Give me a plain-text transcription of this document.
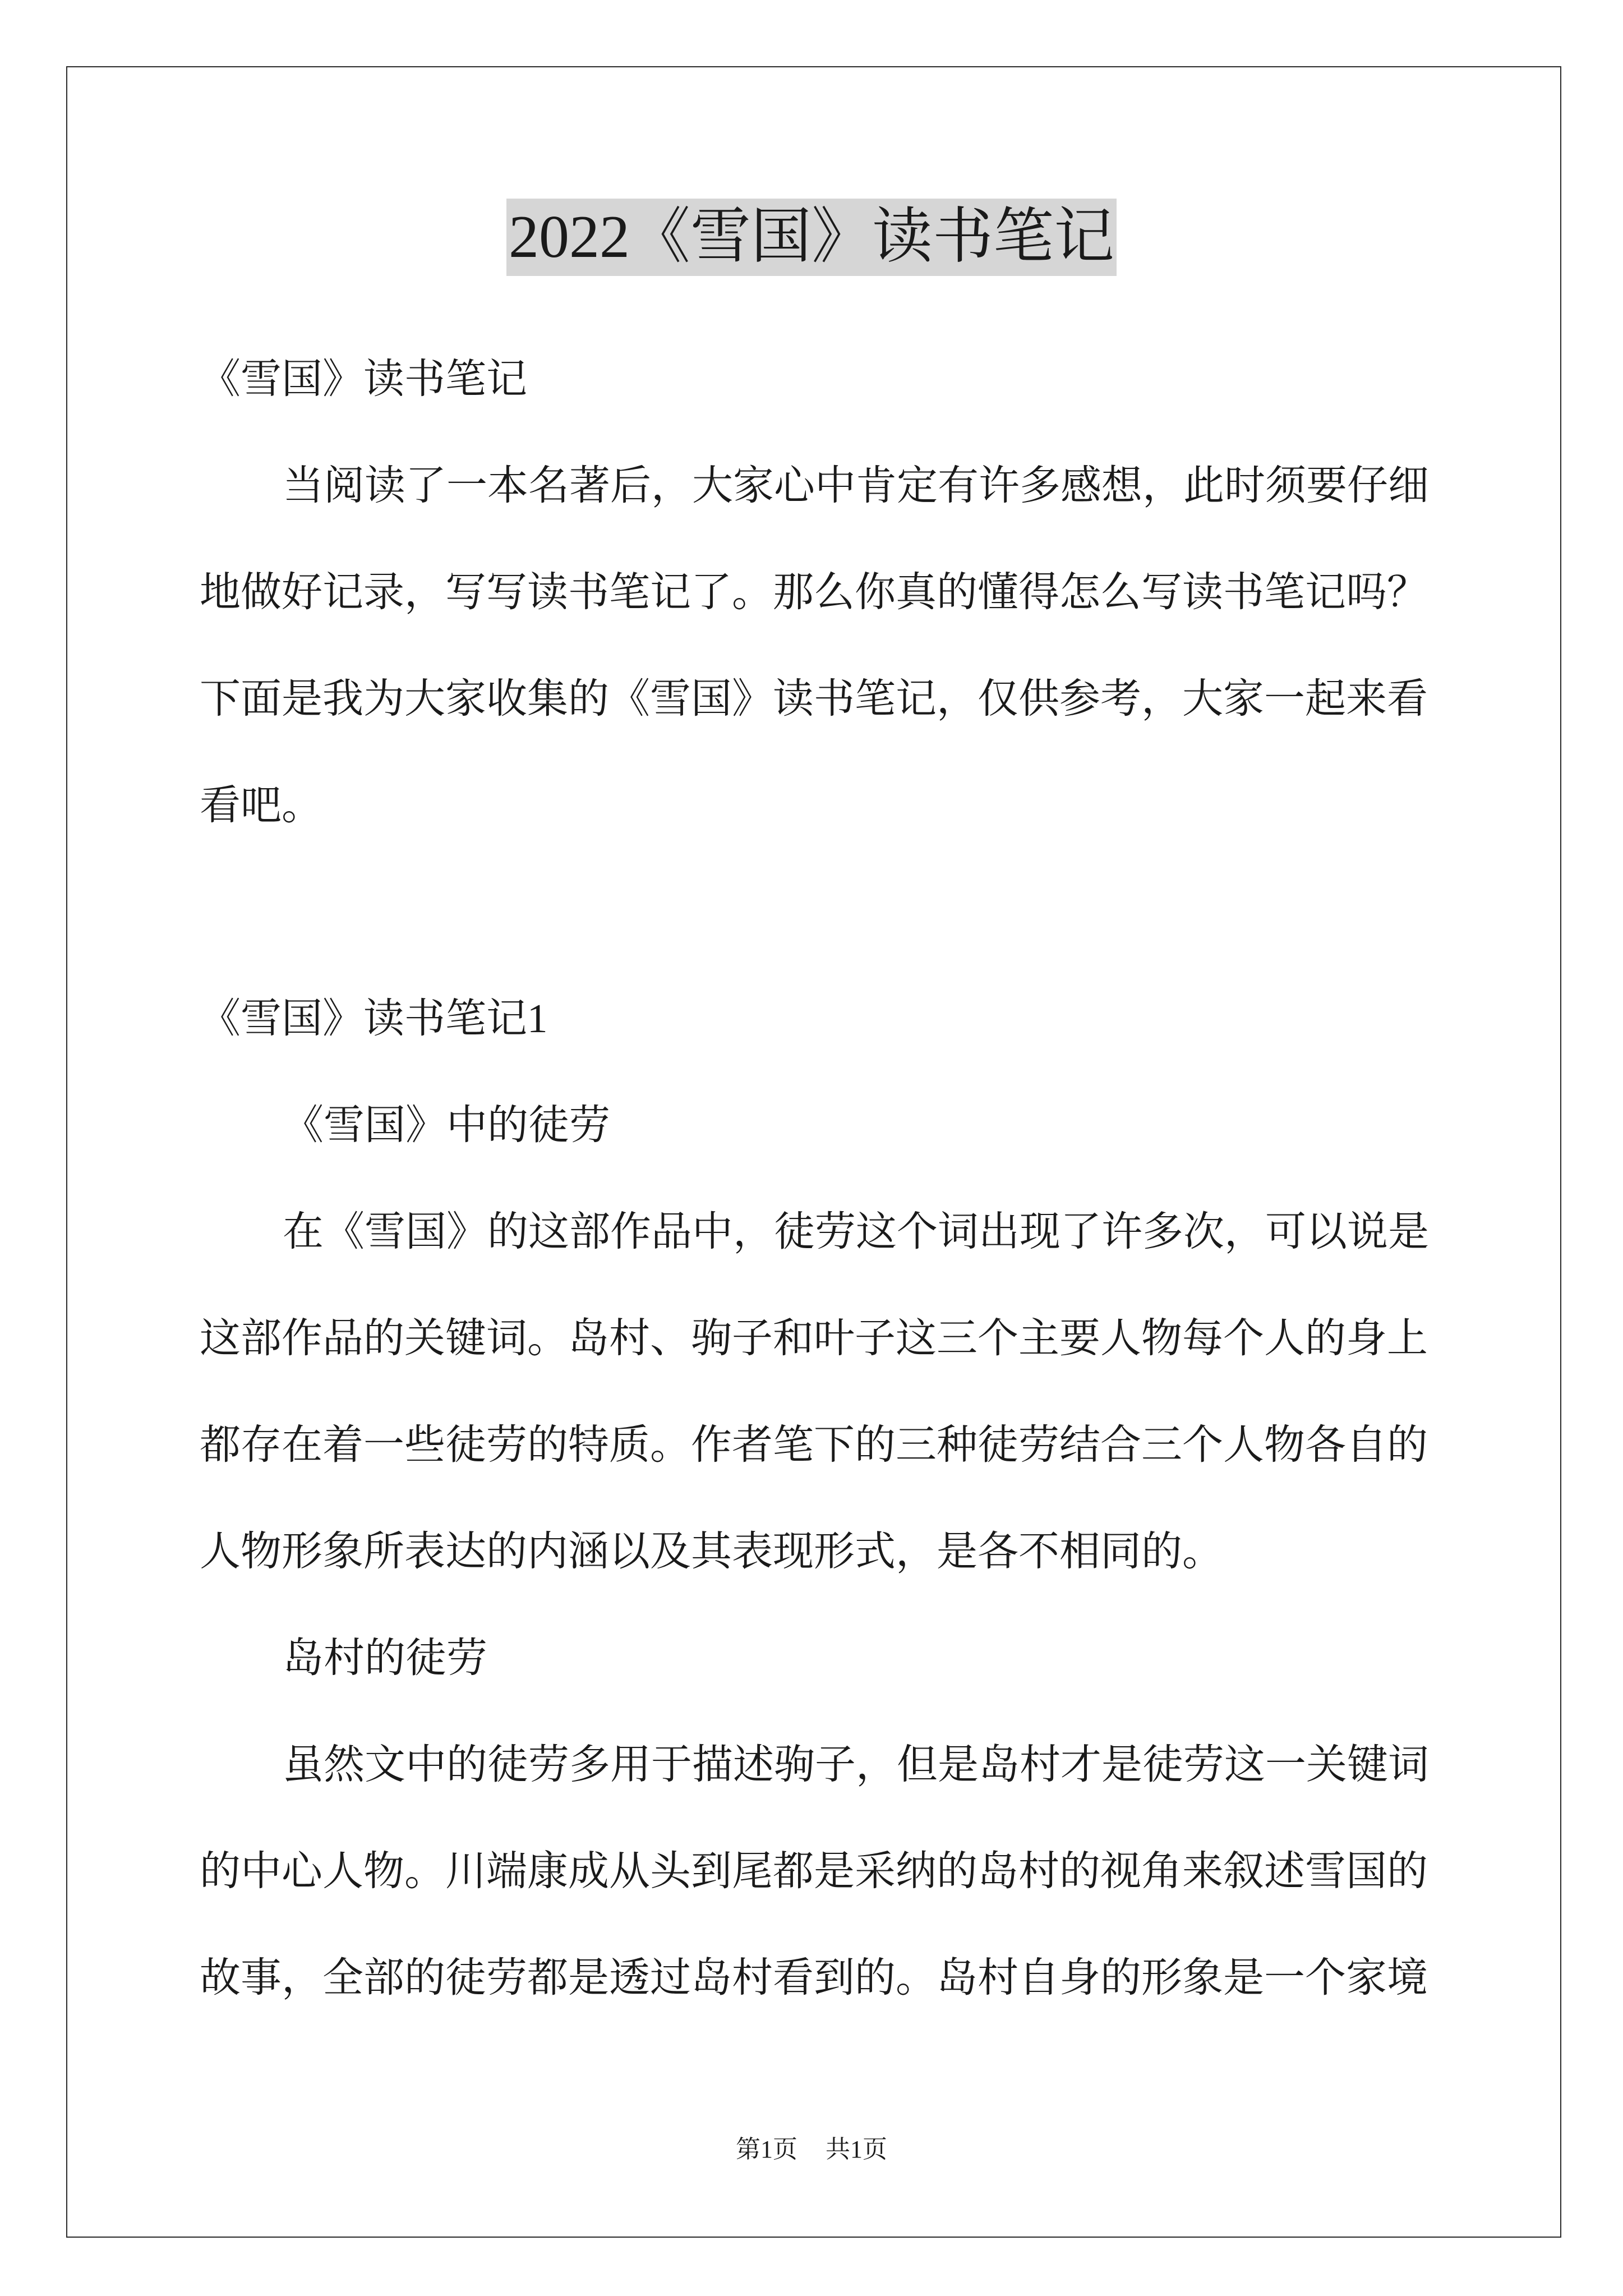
2022《雪国》读书笔记
《雪国》读书笔记
当阅读了一本名著后，大家心中肯定有许多感想，此时须要仔细
地做好记录，写写读书笔记了。那么你真的懂得怎么写读书笔记吗？
下面是我为大家收集的《雪国》读书笔记，仅供参考，大家一起来看
看吧。
《雪国》读书笔记1
《雪国》中的徒劳
在《雪国》的这部作品中，徒劳这个词出现了许多次，可以说是
这部作品的关键词。岛村、驹子和叶子这三个主要人物每个人的身上
都存在着一些徒劳的特质。作者笔下的三种徒劳结合三个人物各自的
人物形象所表达的内涵以及其表现形式，是各不相同的。
岛村的徒劳
虽然文中的徒劳多用于描述驹子，但是岛村才是徒劳这一关键词
的中心人物。川端康成从头到尾都是采纳的岛村的视角来叙述雪国的
故事，全部的徒劳都是透过岛村看到的。岛村自身的形象是一个家境
第1页 共1页
